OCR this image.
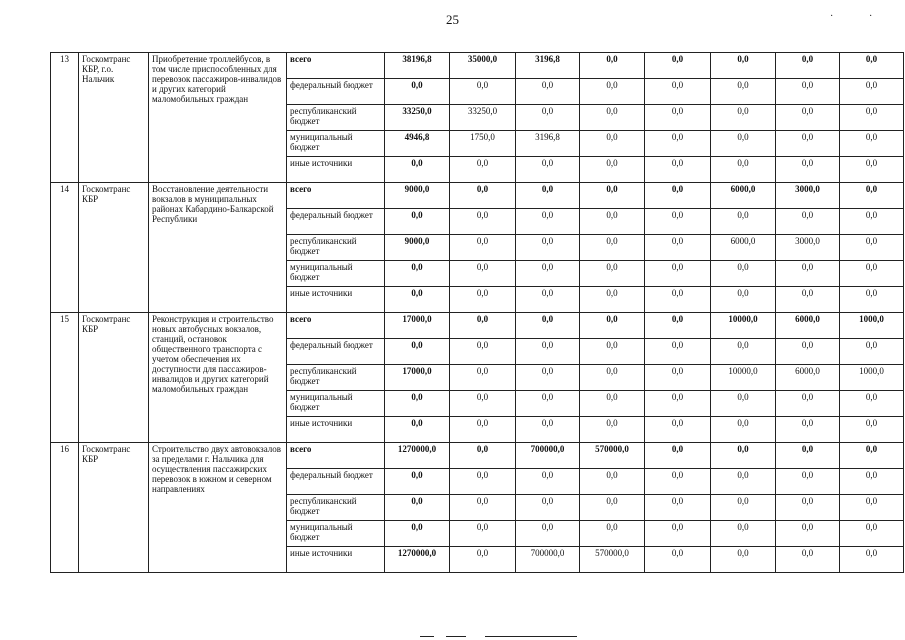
25	·	·
13	Госкомтранс КБР, г.о. Нальчик	Приобретение троллейбусов, в том числе приспособленных для перевозок пассажиров-инвалидов и других категорий маломобильных граждан	всего	38196,8	35000,0	3196,8	0,0	0,0	0,0	0,0	0,0
			федеральный бюджет	0,0	0,0	0,0	0,0	0,0	0,0	0,0	0,0
			республиканский бюджет	33250,0	33250,0	0,0	0,0	0,0	0,0	0,0	0,0
			муниципальный бюджет	4946,8	1750,0	3196,8	0,0	0,0	0,0	0,0	0,0
			иные источники	0,0	0,0	0,0	0,0	0,0	0,0	0,0	0,0
14	Госкомтранс КБР	Восстановление деятельности вокзалов в муниципальных районах Кабардино-Балкарской Республики	всего	9000,0	0,0	0,0	0,0	0,0	6000,0	3000,0	0,0
			федеральный бюджет	0,0	0,0	0,0	0,0	0,0	0,0	0,0	0,0
			республиканский бюджет	9000,0	0,0	0,0	0,0	0,0	6000,0	3000,0	0,0
			муниципальный бюджет	0,0	0,0	0,0	0,0	0,0	0,0	0,0	0,0
			иные источники	0,0	0,0	0,0	0,0	0,0	0,0	0,0	0,0
15	Госкомтранс КБР	Реконструкция и строительство новых автобусных вокзалов, станций, остановок общественного транспорта с учетом обеспечения их доступности для пассажиров-инвалидов и других категорий маломобильных граждан	всего	17000,0	0,0	0,0	0,0	0,0	10000,0	6000,0	1000,0
			федеральный бюджет	0,0	0,0	0,0	0,0	0,0	0,0	0,0	0,0
			республиканский бюджет	17000,0	0,0	0,0	0,0	0,0	10000,0	6000,0	1000,0
			муниципальный бюджет	0,0	0,0	0,0	0,0	0,0	0,0	0,0	0,0
			иные источники	0,0	0,0	0,0	0,0	0,0	0,0	0,0	0,0
16	Госкомтранс КБР	Строительство двух автовокзалов за пределами г. Нальчика для осуществления пассажирских перевозок в южном и северном направлениях	всего	1270000,0	0,0	700000,0	570000,0	0,0	0,0	0,0	0,0
			федеральный бюджет	0,0	0,0	0,0	0,0	0,0	0,0	0,0	0,0
			республиканский бюджет	0,0	0,0	0,0	0,0	0,0	0,0	0,0	0,0
			муниципальный бюджет	0,0	0,0	0,0	0,0	0,0	0,0	0,0	0,0
			иные источники	1270000,0	0,0	700000,0	570000,0	0,0	0,0	0,0	0,0
